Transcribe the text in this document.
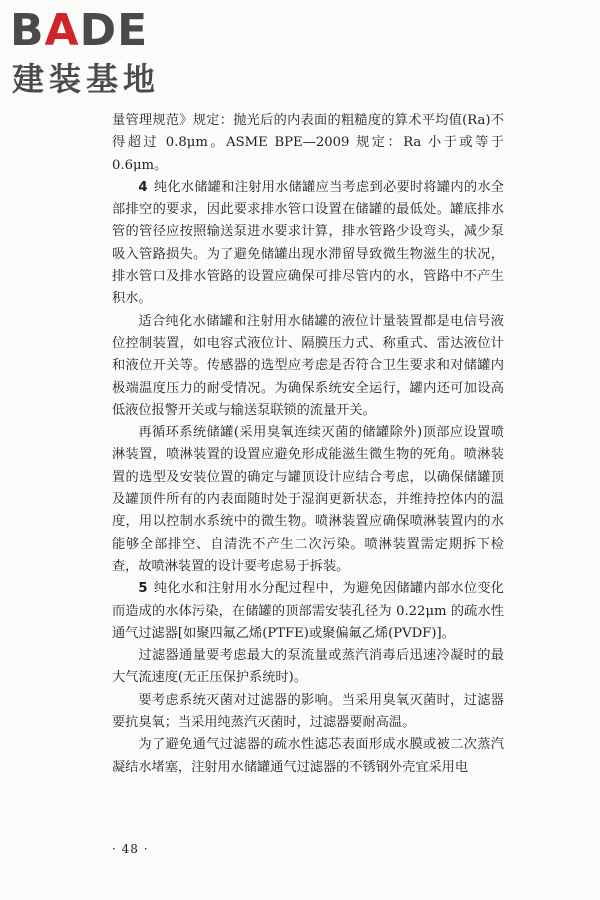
BADE
建装基地

量管理规范》规定：抛光后的内表面的粗糙度的算术平均值(Ra)不得超过 0.8μm。ASME BPE—2009 规定：Ra 小于或等于 0.6μm。

4 纯化水储罐和注射用水储罐应当考虑到必要时将罐内的水全部排空的要求，因此要求排水管口设置在储罐的最低处。罐底排水管的管径应按照输送泵进水要求计算，排水管路少设弯头，减少泵吸入管路损失。为了避免储罐出现水滞留导致微生物滋生的状况，排水管口及排水管路的设置应确保可排尽管内的水，管路中不产生积水。

适合纯化水储罐和注射用水储罐的液位计量装置都是电信号液位控制装置，如电容式液位计、隔膜压力式、称重式、雷达液位计和液位开关等。传感器的选型应考虑是否符合卫生要求和对储罐内极端温度压力的耐受情况。为确保系统安全运行，罐内还可加设高低液位报警开关或与输送泵联锁的流量开关。

再循环系统储罐(采用臭氧连续灭菌的储罐除外)顶部应设置喷淋装置，喷淋装置的设置应避免形成能滋生微生物的死角。喷淋装置的选型及安装位置的确定与罐顶设计应结合考虑，以确保储罐顶及罐顶件所有的内表面随时处于湿润更新状态，并维持控体内的温度，用以控制水系统中的微生物。喷淋装置应确保喷淋装置内的水能够全部排空、自清洗不产生二次污染。喷淋装置需定期拆下检查，故喷淋装置的设计要考虑易于拆装。

5 纯化水和注射用水分配过程中，为避免因储罐内部水位变化而造成的水体污染，在储罐的顶部需安装孔径为 0.22μm 的疏水性通气过滤器[如聚四氟乙烯(PTFE)或聚偏氟乙烯(PVDF)]。

过滤器通量要考虑最大的泵流量或蒸汽消毒后迅速冷凝时的最大气流速度(无正压保护系统时)。

要考虑系统灭菌对过滤器的影响。当采用臭氧灭菌时，过滤器要抗臭氧；当采用纯蒸汽灭菌时，过滤器要耐高温。

为了避免通气过滤器的疏水性滤芯表面形成水膜或被二次蒸汽凝结水堵塞，注射用水储罐通气过滤器的不锈钢外壳宜采用电

· 48 ·
